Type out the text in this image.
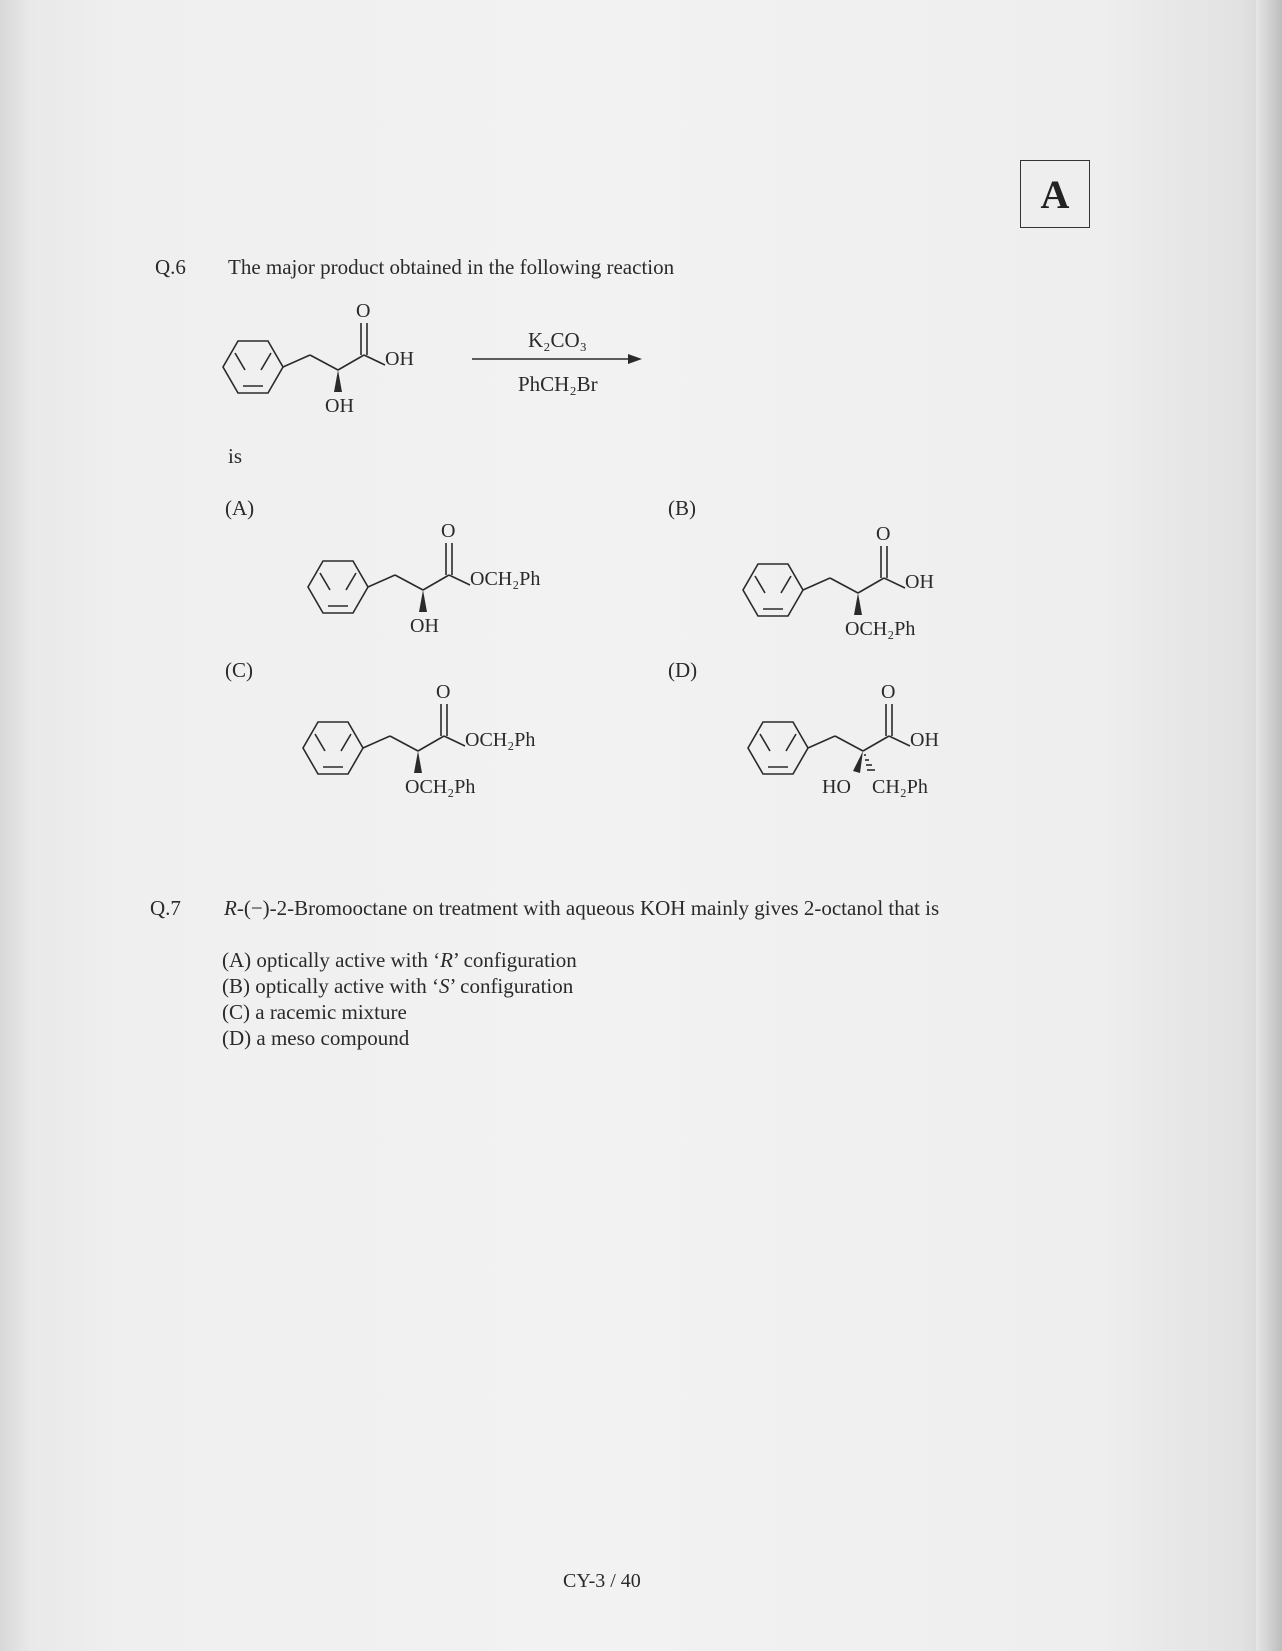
A
Q.6 The major product obtained in the following reaction
O
OH
OH
K₂CO₃
PhCH₂Br
is
(A)
O
OCH₂Ph
OH
(B)
O
OH
OCH₂Ph
(C)
O
OCH₂Ph
OCH₂Ph
(D)
O
OH
HO CH₂Ph
Q.7 R-(−)-2-Bromooctane on treatment with aqueous KOH mainly gives 2-octanol that is
(A) optically active with ‘R’ configuration
(B) optically active with ‘S’ configuration
(C) a racemic mixture
(D) a meso compound
CY-3 / 40
